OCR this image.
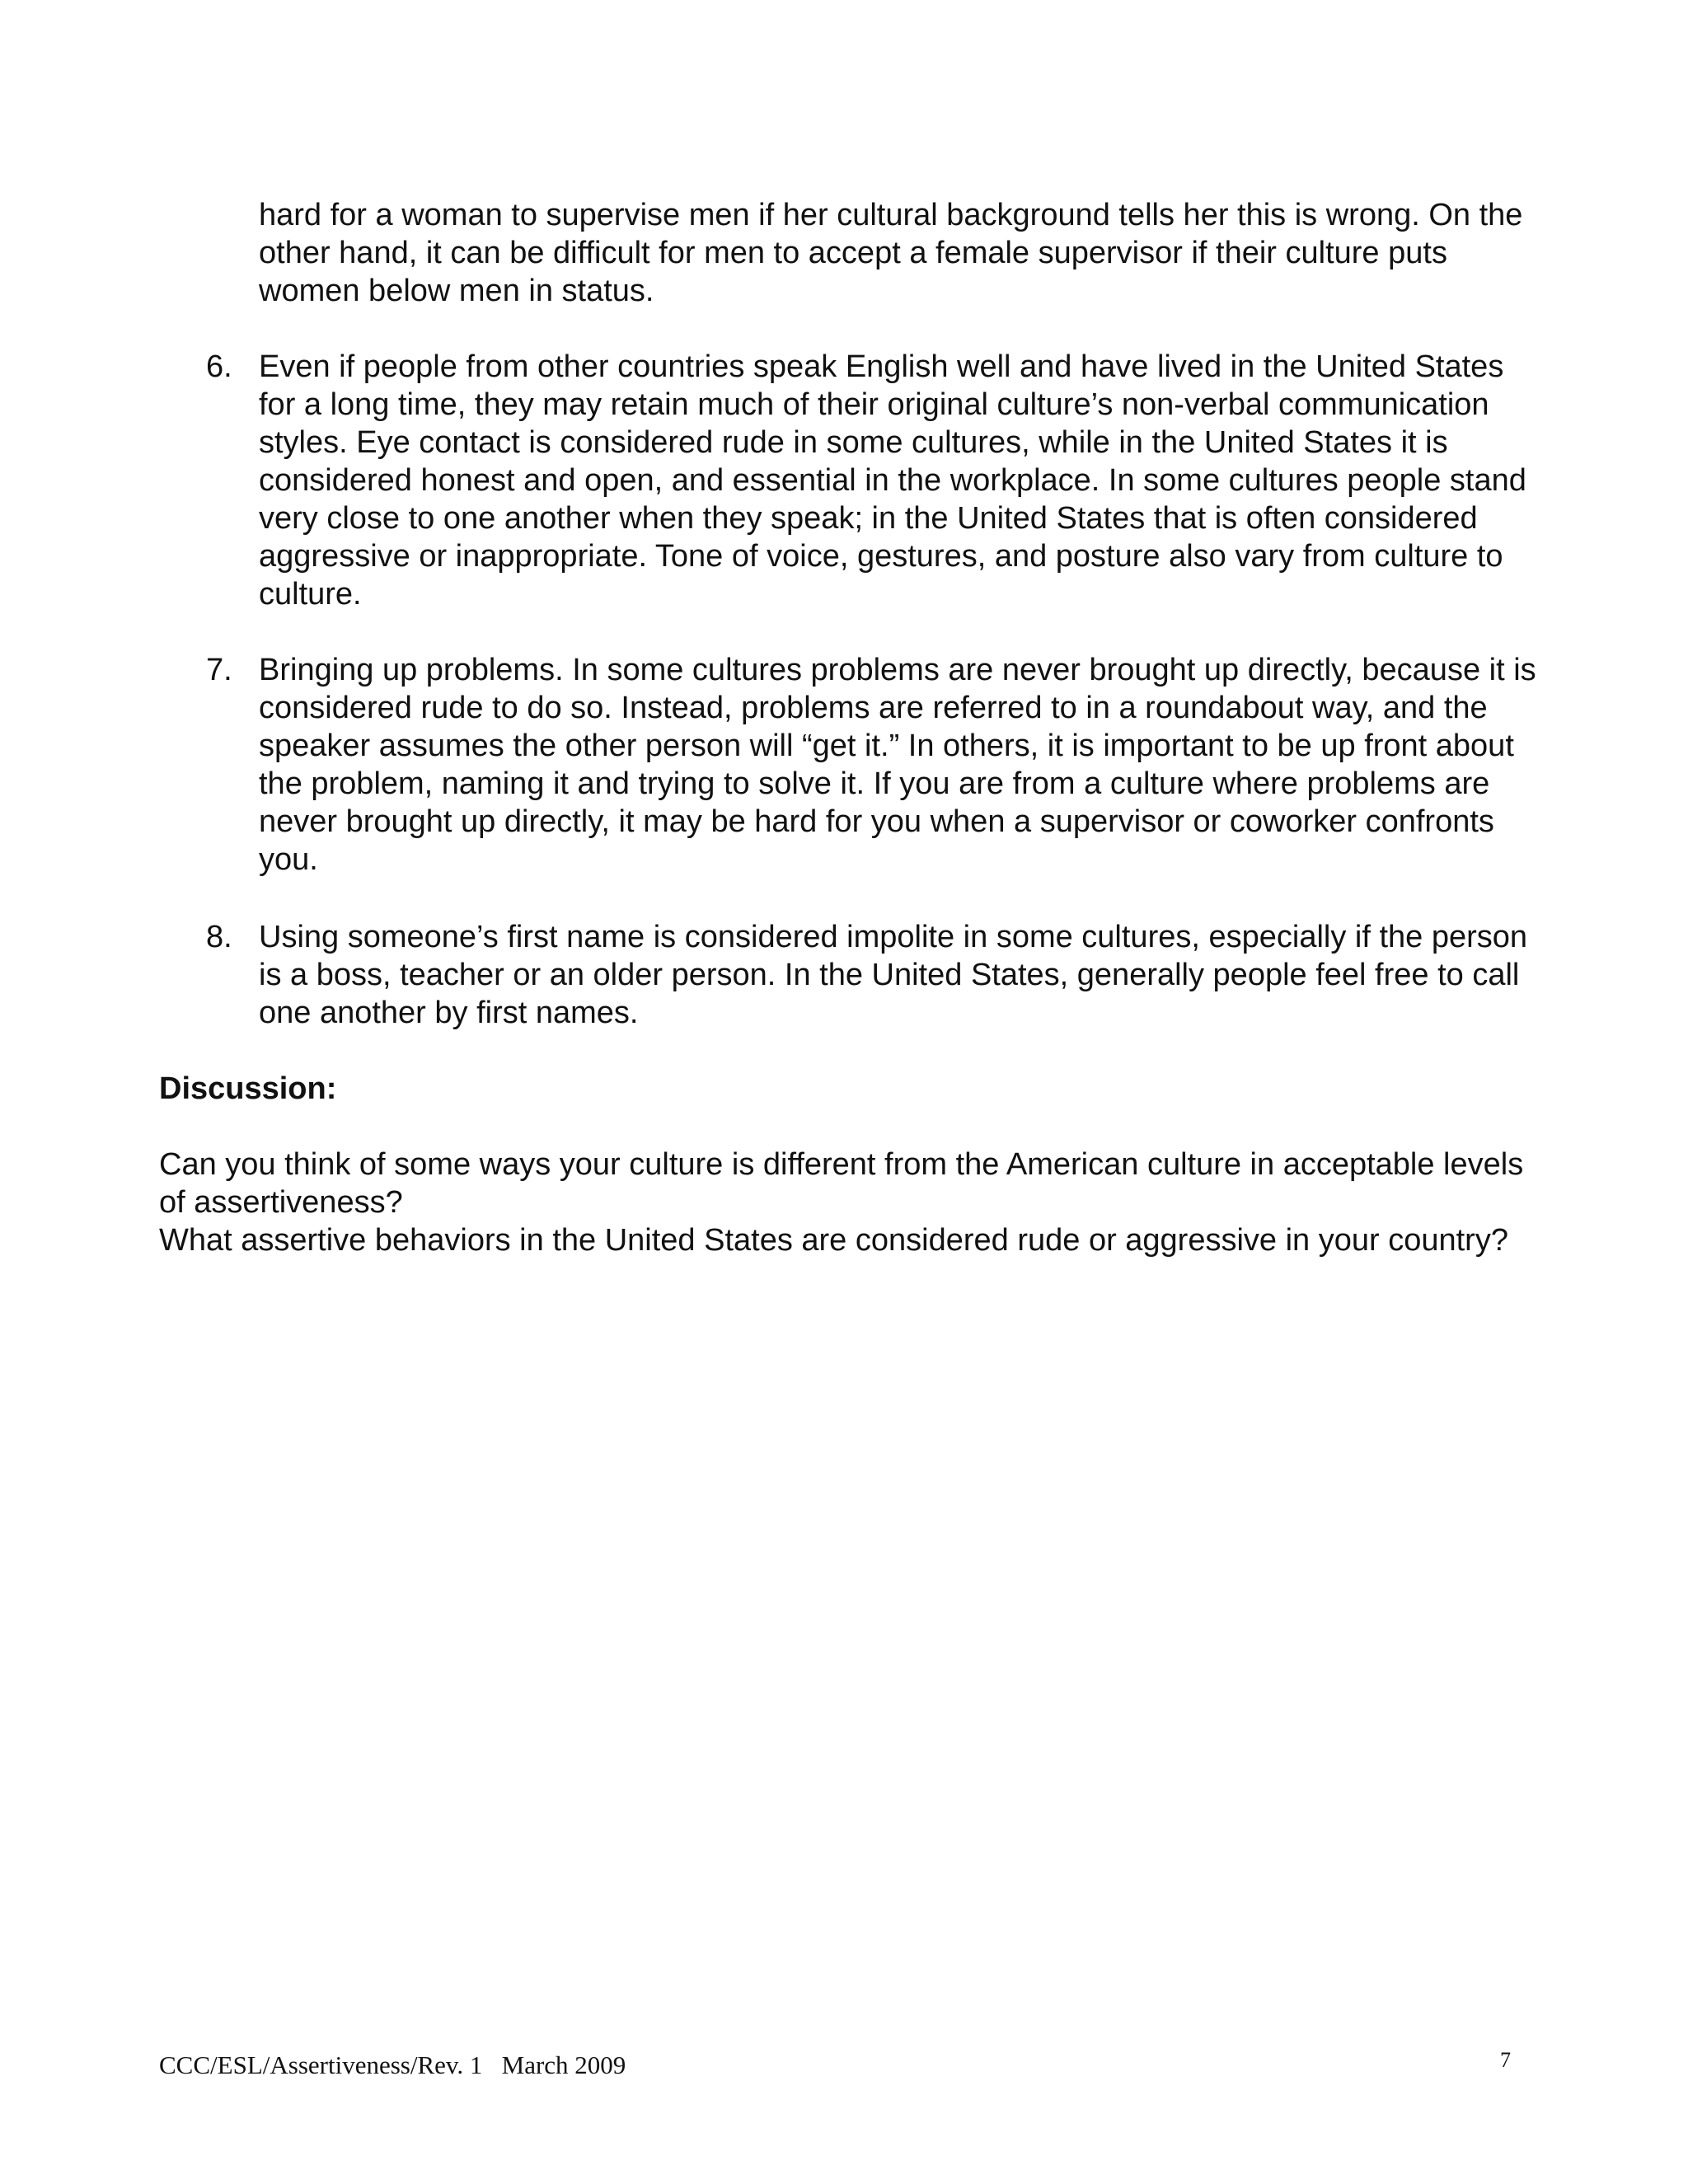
hard for a woman to supervise men if her cultural background tells her this is wrong. On the other hand, it can be difficult for men to accept a female supervisor if their culture puts women below men in status.

6. Even if people from other countries speak English well and have lived in the United States for a long time, they may retain much of their original culture’s non-verbal communication styles. Eye contact is considered rude in some cultures, while in the United States it is considered honest and open, and essential in the workplace. In some cultures people stand very close to one another when they speak; in the United States that is often considered aggressive or inappropriate. Tone of voice, gestures, and posture also vary from culture to culture.

7. Bringing up problems. In some cultures problems are never brought up directly, because it is considered rude to do so. Instead, problems are referred to in a roundabout way, and the speaker assumes the other person will “get it.” In others, it is important to be up front about the problem, naming it and trying to solve it. If you are from a culture where problems are never brought up directly, it may be hard for you when a supervisor or coworker confronts you.

8. Using someone’s first name is considered impolite in some cultures, especially if the person is a boss, teacher or an older person. In the United States, generally people feel free to call one another by first names.

Discussion:

Can you think of some ways your culture is different from the American culture in acceptable levels of assertiveness?

What assertive behaviors in the United States are considered rude or aggressive in your country?

CCC/ESL/Assertiveness/Rev. 1   March 2009	7
